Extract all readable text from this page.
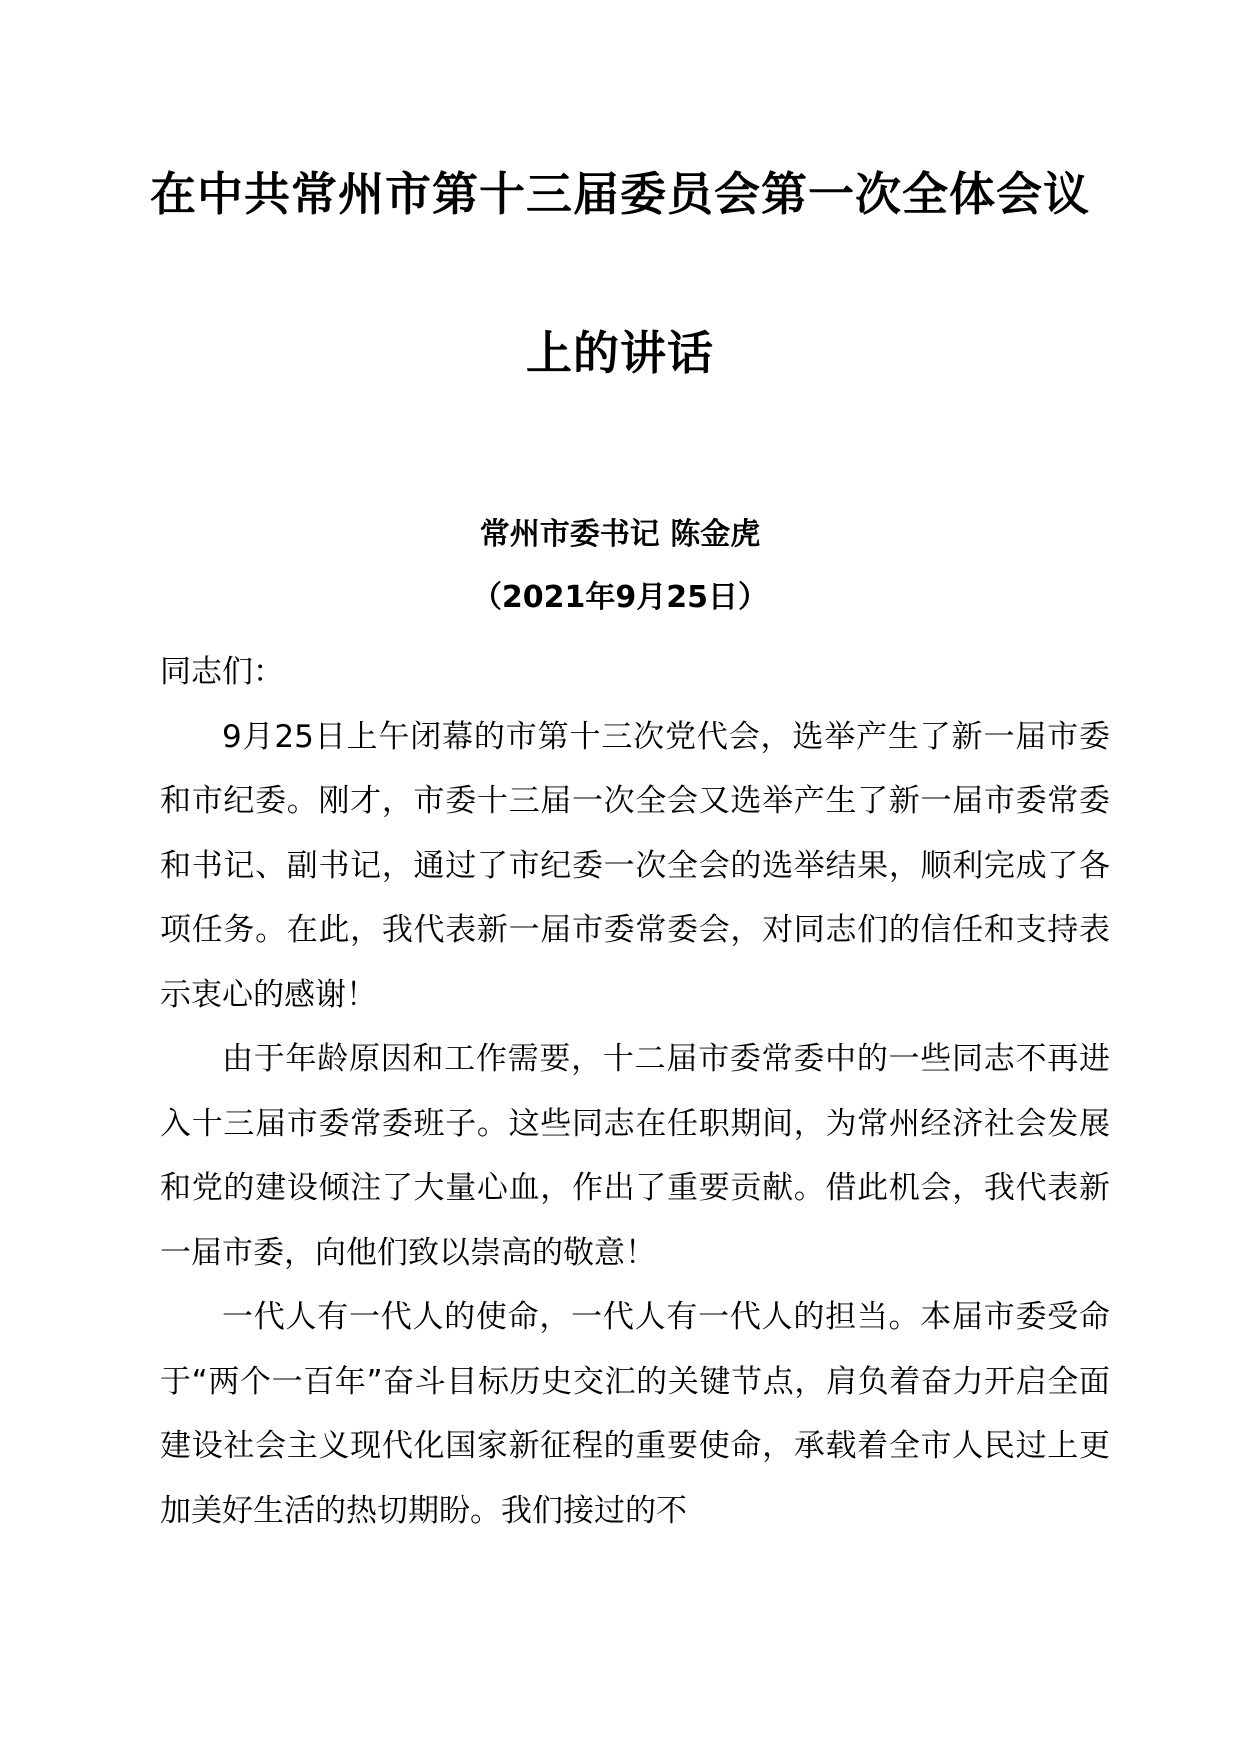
在中共常州市第十三届委员会第一次全体会议
上的讲话
常州市委书记 陈金虎
（2021年9月25日）

同志们：

9月25日上午闭幕的市第十三次党代会，选举产生了新一届市委和市纪委。刚才，市委十三届一次全会又选举产生了新一届市委常委和书记、副书记，通过了市纪委一次全会的选举结果，顺利完成了各项任务。在此，我代表新一届市委常委会，对同志们的信任和支持表示衷心的感谢！

由于年龄原因和工作需要，十二届市委常委中的一些同志不再进入十三届市委常委班子。这些同志在任职期间，为常州经济社会发展和党的建设倾注了大量心血，作出了重要贡献。借此机会，我代表新一届市委，向他们致以崇高的敬意！

一代人有一代人的使命，一代人有一代人的担当。本届市委受命于“两个一百年”奋斗目标历史交汇的关键节点，肩负着奋力开启全面建设社会主义现代化国家新征程的重要使命，承载着全市人民过上更加美好生活的热切期盼。我们接过的不
